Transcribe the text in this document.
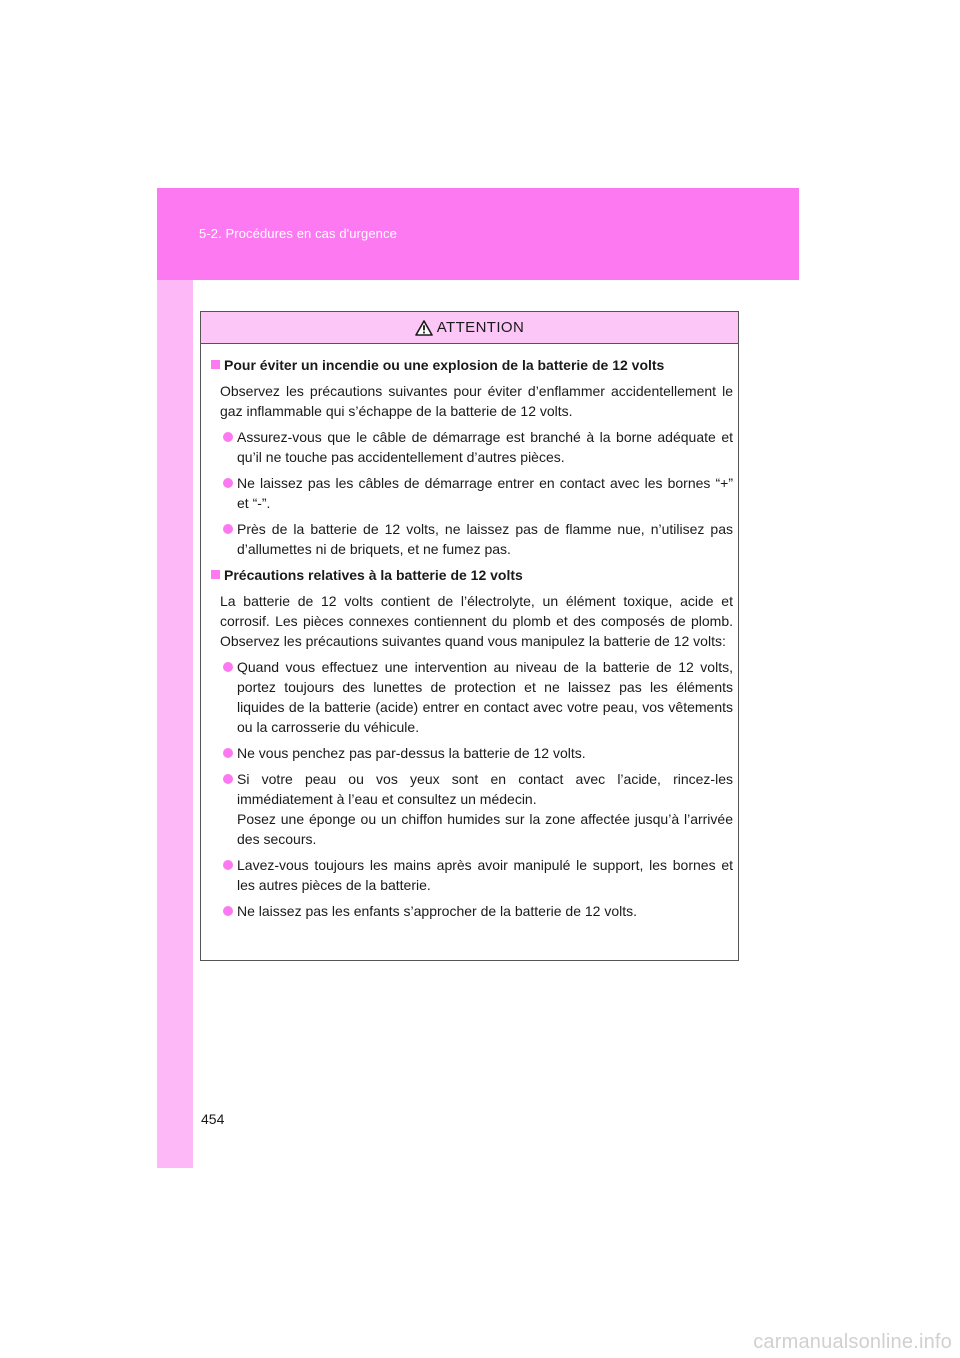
5-2. Procédures en cas d'urgence
ATTENTION
Pour éviter un incendie ou une explosion de la batterie de 12 volts
Observez les précautions suivantes pour éviter d’enflammer accidentellement le gaz inflammable qui s’échappe de la batterie de 12 volts.
Assurez-vous que le câble de démarrage est branché à la borne adéquate et qu’il ne touche pas accidentellement d’autres pièces.
Ne laissez pas les câbles de démarrage entrer en contact avec les bornes “+” et “-”.
Près de la batterie de 12 volts, ne laissez pas de flamme nue, n’utilisez pas d’allumettes ni de briquets, et ne fumez pas.
Précautions relatives à la batterie de 12 volts
La batterie de 12 volts contient de l’électrolyte, un élément toxique, acide et corrosif. Les pièces connexes contiennent du plomb et des composés de plomb. Observez les précautions suivantes quand vous manipulez la batterie de 12 volts:
Quand vous effectuez une intervention au niveau de la batterie de 12 volts, portez toujours des lunettes de protection et ne laissez pas les éléments liquides de la batterie (acide) entrer en contact avec votre peau, vos vêtements ou la carrosserie du véhicule.
Ne vous penchez pas par-dessus la batterie de 12 volts.
Si votre peau ou vos yeux sont en contact avec l’acide, rincez-les immédiatement à l’eau et consultez un médecin.
Posez une éponge ou un chiffon humides sur la zone affectée jusqu’à l’arrivée des secours.
Lavez-vous toujours les mains après avoir manipulé le support, les bornes et les autres pièces de la batterie.
Ne laissez pas les enfants s’approcher de la batterie de 12 volts.
454
carmanualsonline.info
